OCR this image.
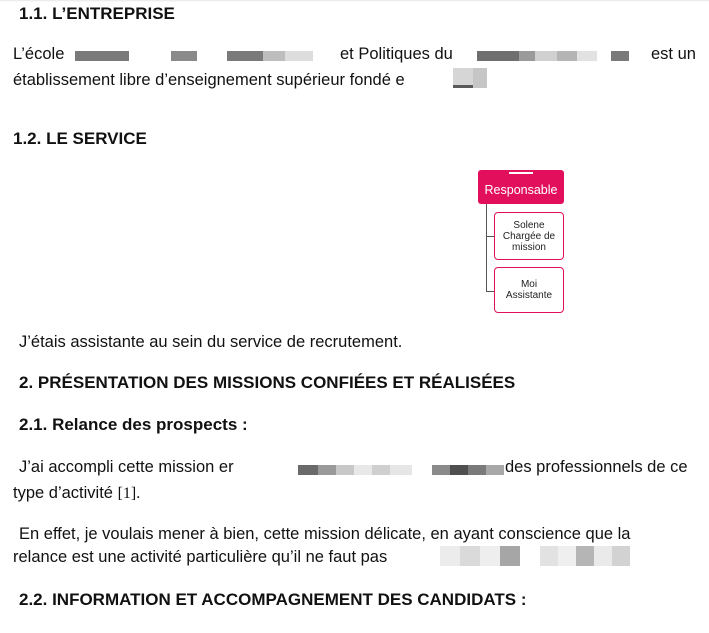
1.1. L’ENTREPRISE

L’école	et Politiques du	est un

établissement libre d’enseignement supérieur fondé e

1.2. LE SERVICE
Responsable
Solene
Chargée de mission
Moi
Assistante

J’étais assistante au sein du service de recrutement.

2. PRÉSENTATION DES MISSIONS CONFIÉES ET RÉALISÉES
2.1. Relance des prospects :

J’ai accompli cette mission er	des professionnels de ce

type d’activité [1].

En effet, je voulais mener à bien, cette mission délicate, en ayant conscience que la

relance est une activité particulière qu’il ne faut pas

2.2. INFORMATION ET ACCOMPAGNEMENT DES CANDIDATS :
